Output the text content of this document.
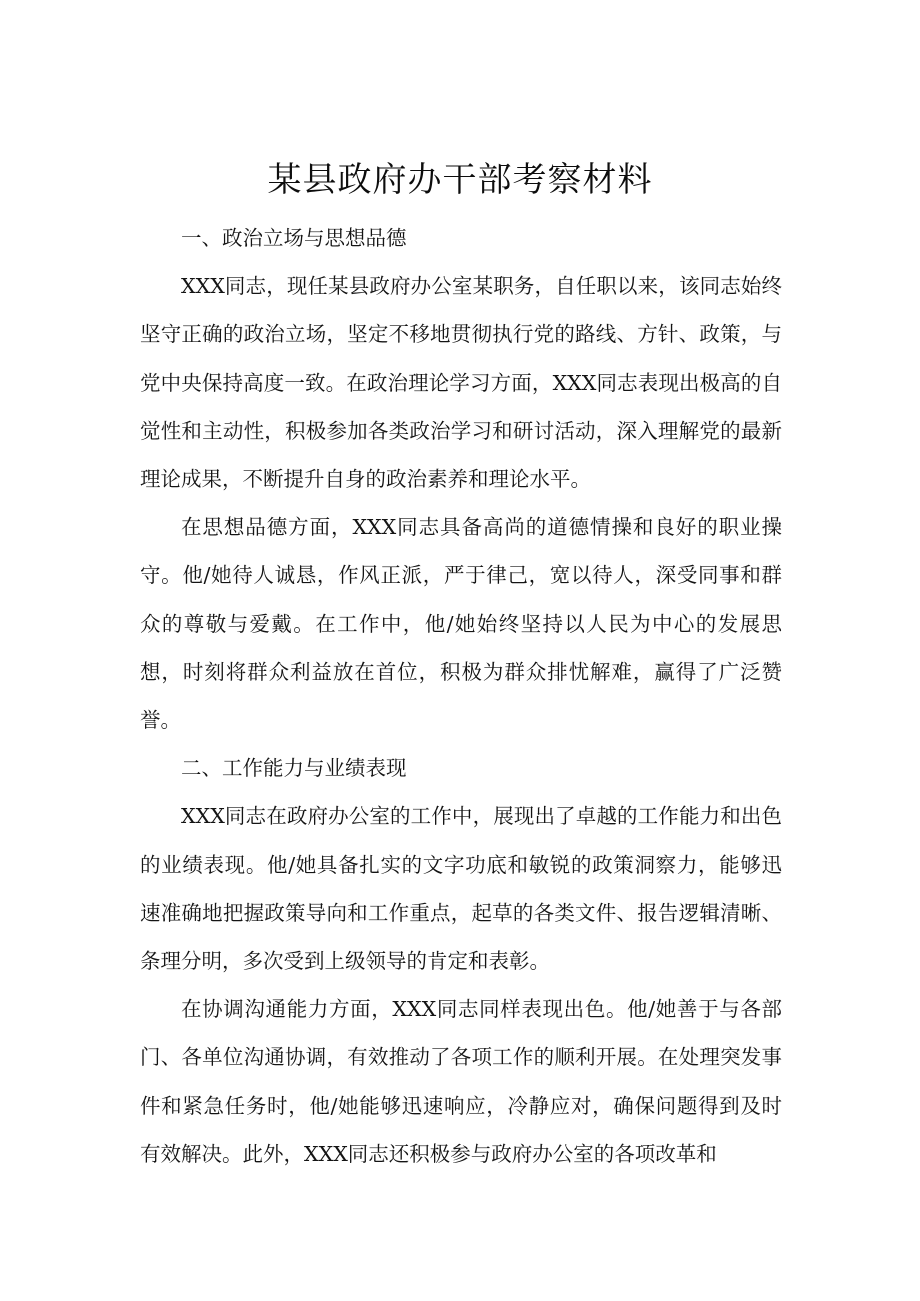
某县政府办干部考察材料

一、政治立场与思想品德

XXX同志，现任某县政府办公室某职务，自任职以来，该同志始终坚守正确的政治立场，坚定不移地贯彻执行党的路线、方针、政策，与党中央保持高度一致。在政治理论学习方面，XXX同志表现出极高的自觉性和主动性，积极参加各类政治学习和研讨活动，深入理解党的最新理论成果，不断提升自身的政治素养和理论水平。

在思想品德方面，XXX同志具备高尚的道德情操和良好的职业操守。他/她待人诚恳，作风正派，严于律己，宽以待人，深受同事和群众的尊敬与爱戴。在工作中，他/她始终坚持以人民为中心的发展思想，时刻将群众利益放在首位，积极为群众排忧解难，赢得了广泛赞誉。

二、工作能力与业绩表现

XXX同志在政府办公室的工作中，展现出了卓越的工作能力和出色的业绩表现。他/她具备扎实的文字功底和敏锐的政策洞察力，能够迅速准确地把握政策导向和工作重点，起草的各类文件、报告逻辑清晰、条理分明，多次受到上级领导的肯定和表彰。

在协调沟通能力方面，XXX同志同样表现出色。他/她善于与各部门、各单位沟通协调，有效推动了各项工作的顺利开展。在处理突发事件和紧急任务时，他/她能够迅速响应，冷静应对，确保问题得到及时有效解决。此外，XXX同志还积极参与政府办公室的各项改革和
